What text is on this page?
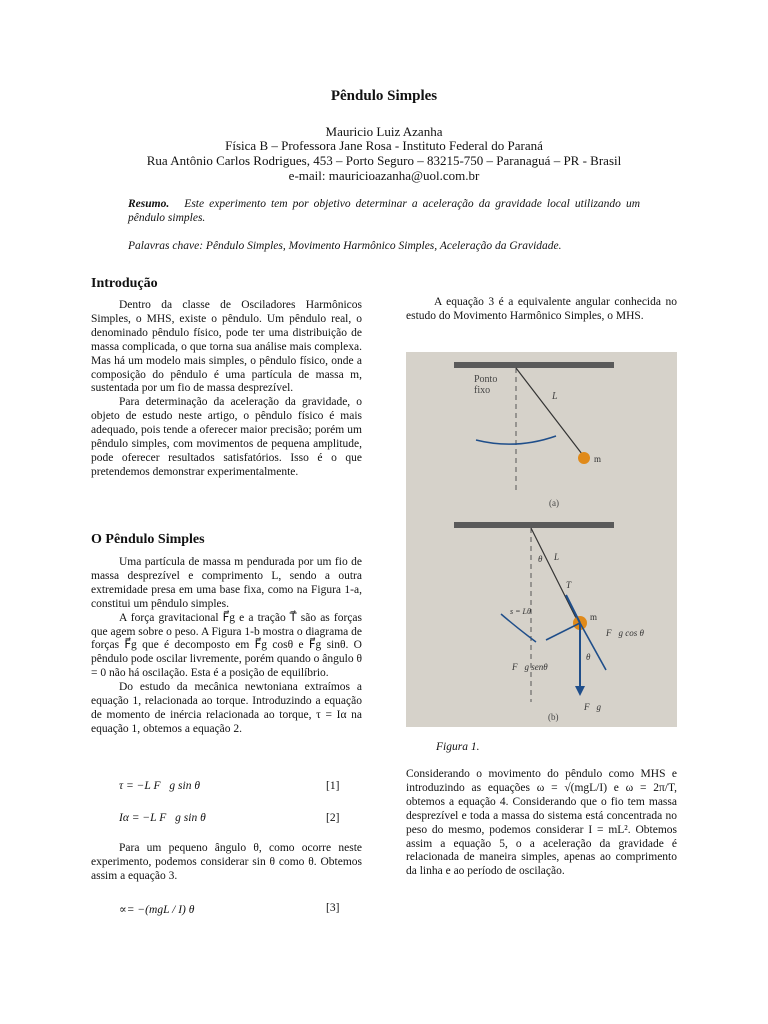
Pêndulo Simples
Mauricio Luiz Azanha
Física B – Professora Jane Rosa - Instituto Federal do Paraná
Rua Antônio Carlos Rodrigues, 453 – Porto Seguro – 83215-750 – Paranaguá – PR - Brasil
e-mail: mauricioazanha@uol.com.br
Resumo. Este experimento tem por objetivo determinar a aceleração da gravidade local utilizando um pêndulo simples.
Palavras chave: Pêndulo Simples, Movimento Harmônico Simples, Aceleração da Gravidade.
Introdução

Dentro da classe de Osciladores Harmônicos Simples, o MHS, existe o pêndulo. Um pêndulo real, o denominado pêndulo físico, pode ter uma distribuição de massa complicada, o que torna sua análise mais complexa. Mas há um modelo mais simples, o pêndulo físico, onde a composição do pêndulo é uma partícula de massa m, sustentada por um fio de massa desprezível.

Para determinação da aceleração da gravidade, o objeto de estudo neste artigo, o pêndulo físico é mais adequado, pois tende a oferecer maior precisão; porém um pêndulo simples, com movimentos de pequena amplitude, pode oferecer resultados satisfatórios. Isso é o que pretendemos demonstrar experimentalmente.

O Pêndulo Simples

Uma partícula de massa m pendurada por um fio de massa desprezível e comprimento L, sendo a outra extremidade presa em uma base fixa, como na Figura 1-a, constitui um pêndulo simples.

A força gravitacional F⃗g e a tração T⃗ são as forças que agem sobre o peso. A Figura 1-b mostra o diagrama de forças F⃗g que é decomposto em F⃗g cosθ e F⃗g sinθ. O pêndulo pode oscilar livremente, porém quando o ângulo θ = 0 não há oscilação. Esta é a posição de equilíbrio.

Do estudo da mecânica newtoniana extraímos a equação 1, relacionada ao torque. Introduzindo a equação de momento de inércia relacionada ao torque, τ = Iα na equação 1, obtemos a equação 2.

τ = −L F⃗g sin θ	[1]
Iα = −L F⃗g sin θ	[2]

Para um pequeno ângulo θ, como ocorre neste experimento, podemos considerar sin θ como θ. Obtemos assim a equação 3.

∝= −(mgL / I) θ	[3]

A equação 3 é a equivalente angular conhecida no estudo do Movimento Harmônico Simples, o MHS.

Ponto
fixo
L
m
(a)
θ L
T⃗
s = Lθ
m
F⃗g cos θ
F⃗g senθ
θ
F⃗g
(b)
Figura 1.

Considerando o movimento do pêndulo como MHS e introduzindo as equações ω = √(mgL/I) e ω = 2π/T, obtemos a equação 4. Considerando que o fio tem massa desprezível e toda a massa do sistema está concentrada no peso do mesmo, podemos considerar I = mL². Obtemos assim a equação 5, o a aceleração da gravidade é relacionada de maneira simples, apenas ao comprimento da linha e ao período de oscilação.
